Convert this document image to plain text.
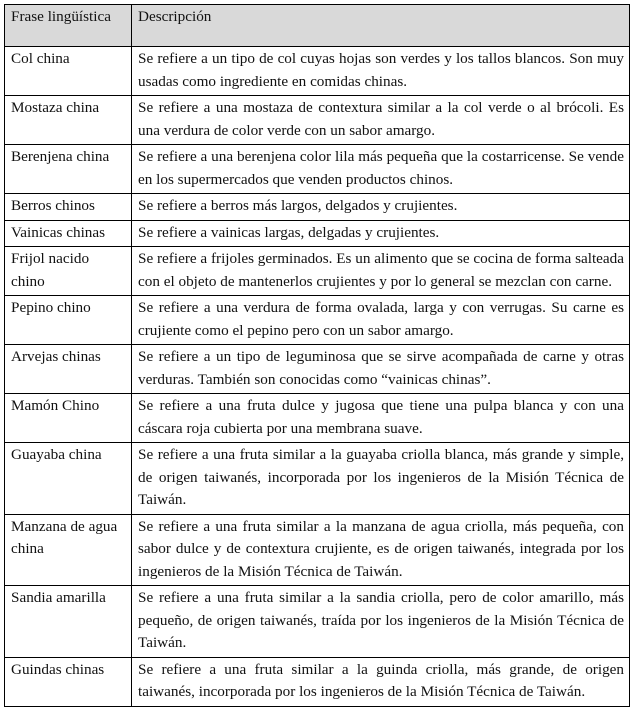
Frase lingüística	Descripción
Col china	Se refiere a un tipo de col cuyas hojas son verdes y los tallos blancos. Son muy usadas como ingrediente en comidas chinas.
Mostaza china	Se refiere a una mostaza de contextura similar a la col verde o al brócoli. Es una verdura de color verde con un sabor amargo.
Berenjena china	Se refiere a una berenjena color lila más pequeña que la costarricense. Se vende en los supermercados que venden productos chinos.
Berros chinos	Se refiere a berros más largos, delgados y crujientes.
Vainicas chinas	Se refiere a vainicas largas, delgadas y crujientes.
Frijol nacido chino	Se refiere a frijoles germinados. Es un alimento que se cocina de forma salteada con el objeto de mantenerlos crujientes y por lo general se mezclan con carne.
Pepino chino	Se refiere a una verdura de forma ovalada, larga y con verrugas. Su carne es crujiente como el pepino pero con un sabor amargo.
Arvejas chinas	Se refiere a un tipo de leguminosa que se sirve acompañada de carne y otras verduras. También son conocidas como “vainicas chinas”.
Mamón Chino	Se refiere a una fruta dulce y jugosa que tiene una pulpa blanca y con una cáscara roja cubierta por una membrana suave.
Guayaba china	Se refiere a una fruta similar a la guayaba criolla blanca, más grande y simple, de origen taiwanés, incorporada por los ingenieros de la Misión Técnica de Taiwán.
Manzana de agua china	Se refiere a una fruta similar a la manzana de agua criolla, más pequeña, con sabor dulce y de contextura crujiente, es de origen taiwanés, integrada por los ingenieros de la Misión Técnica de Taiwán.
Sandia amarilla	Se refiere a una fruta similar a la sandia criolla, pero de color amarillo, más pequeño, de origen taiwanés, traída por los ingenieros de la Misión Técnica de Taiwán.
Guindas chinas	Se refiere a una fruta similar a la guinda criolla, más grande, de origen taiwanés, incorporada por los ingenieros de la Misión Técnica de Taiwán.
